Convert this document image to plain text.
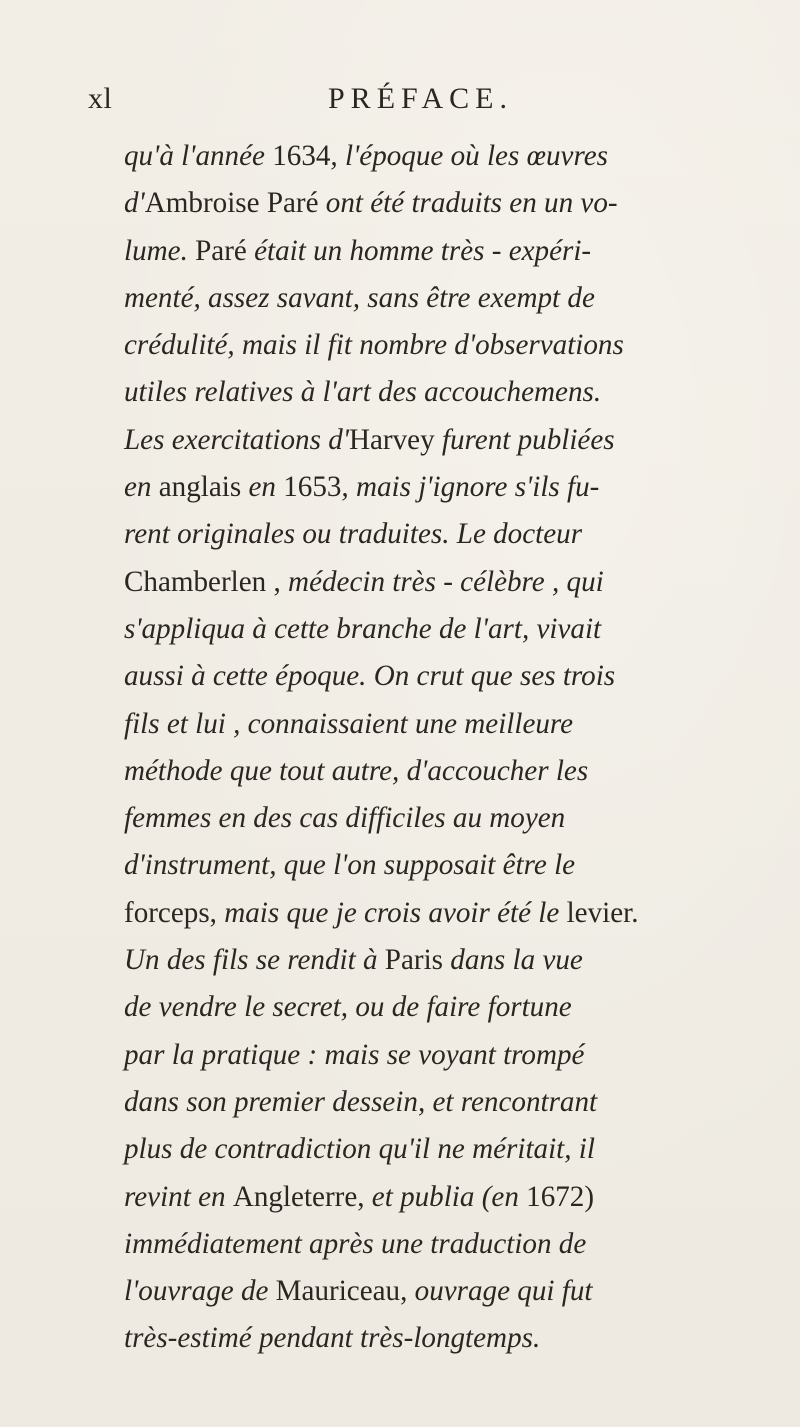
xl	PRÉFACE.
qu'à l'année 1634, l'époque où les œuvres
d'Ambroise Paré ont été traduits en un vo-
lume. Paré était un homme très - expéri-
menté, assez savant, sans être exempt de
crédulité, mais il fit nombre d'observations
utiles relatives à l'art des accouchemens.
Les exercitations d'Harvey furent publiées
en anglais en 1653, mais j'ignore s'ils fu-
rent originales ou traduites. Le docteur
Chamberlen , médecin très - célèbre , qui
s'appliqua à cette branche de l'art, vivait
aussi à cette époque. On crut que ses trois
fils et lui , connaissaient une meilleure
méthode que tout autre, d'accoucher les
femmes en des cas difficiles au moyen
d'instrument, que l'on supposait être le
forceps, mais que je crois avoir été le levier.
Un des fils se rendit à Paris dans la vue
de vendre le secret, ou de faire fortune
par la pratique : mais se voyant trompé
dans son premier dessein, et rencontrant
plus de contradiction qu'il ne méritait, il
revint en Angleterre, et publia (en 1672)
immédiatement après une traduction de
l'ouvrage de Mauriceau, ouvrage qui fut
très-estimé pendant très-longtemps.
